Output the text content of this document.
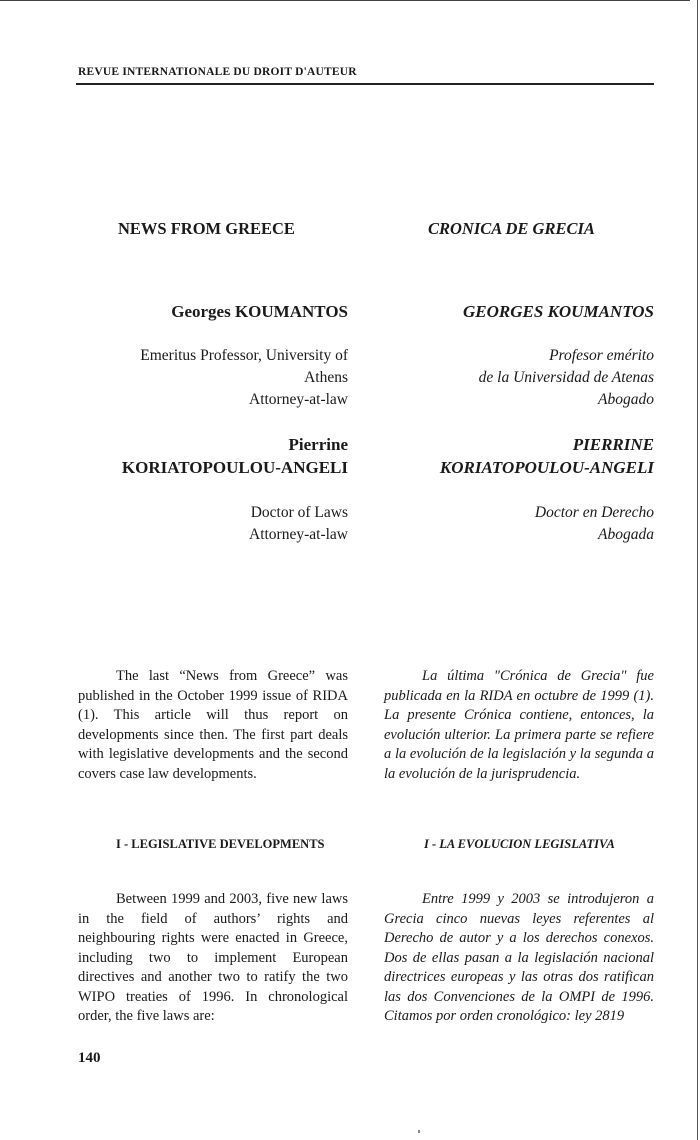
REVUE INTERNATIONALE DU DROIT D'AUTEUR
NEWS FROM GREECE
Georges KOUMANTOS
Emeritus Professor, University of
Athens
Attorney-at-law
Pierrine
KORIATOPOULOU-ANGELI
Doctor of Laws
Attorney-at-law
The last “News from Greece” was published in the October 1999 issue of RIDA (1). This article will thus report on developments since then. The first part deals with legislative developments and the second covers case law developments.
I - LEGISLATIVE DEVELOPMENTS
Between 1999 and 2003, five new laws in the field of authors’ rights and neighbouring rights were enacted in Greece, including two to implement European directives and another two to ratify the two WIPO treaties of 1996. In chronological order, the five laws are:
CRONICA DE GRECIA
GEORGES KOUMANTOS
Profesor emérito
de la Universidad de Atenas
Abogado
PIERRINE
KORIATOPOULOU-ANGELI
Doctor en Derecho
Abogada
La última "Crónica de Grecia" fue publicada en la RIDA en octubre de 1999 (1). La presente Crónica contiene, entonces, la evolución ulterior. La primera parte se refiere a la evolución de la legislación y la segunda a la evolución de la jurisprudencia.
I - LA EVOLUCION LEGISLATIVA
Entre 1999 y 2003 se introdujeron a Grecia cinco nuevas leyes referentes al Derecho de autor y a los derechos conexos. Dos de ellas pasan a la legislación nacional directrices europeas y las otras dos ratifican las dos Convenciones de la OMPI de 1996. Citamos por orden cronológico: ley 2819
140
